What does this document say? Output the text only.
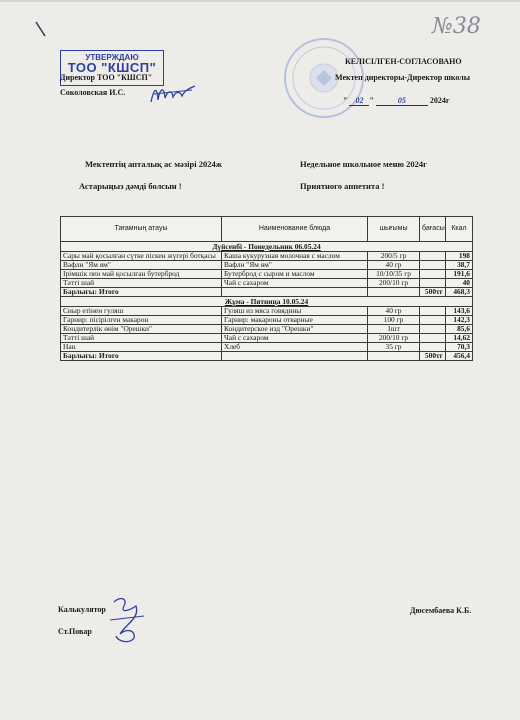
№38
УТВЕРЖДАЮ
ТОО "КШСП"
Директор ТОО "КШСП"
Соколовская И.С.
КЕЛІСІЛГЕН-СОГЛАСОВАНО
Мектеп директоры-Директор школы
" 02 "	05	2024г
Мектептің апталық ас мәзірі 2024ж	Недельное школьное меню 2024г
Астарыңыз дәмді болсын !	Приятного аппетита !
Тағамның атауы	Наименование блюда	шығымы	бағасы	Ккал
Дүйсенбі - Понедельник 06.05.24				
Сары май қосылған сүтке піскен жүгері ботқасы	Каша кукурузная молочная с маслом	200/5 гр		198
Вафли "Ям ям"	Вафли "Ям ям"	40 гр		38,7
Ірімшік пен май қосылған бутерброд	Бутерброд с сыром и маслом	10/10/35 гр		191,6
Тәтті шай	Чай с сахаром	200/10 гр		40
Барлығы: Итого			500тг	468,3
Жұма - Пятница 10.05.24				
Сиыр етінен гуляш	Гуляш из мяса говядины	40 гр		143,6
Гарнир: пісірілген макарон	Гарнир: макароны отварные	100 гр		142,3
Кондитерлік өнім "Орешки"	Кондитерское изд "Орешки"	1шт		85,6
Тәтті шай	Чай с сахаром	200/10 гр		14,62
Нан	Хлеб	35 гр		70,3
Барлығы: Итого			500тг	456,4
Калькулятор
Ст.Повар
Дюсембаева К.Б.
